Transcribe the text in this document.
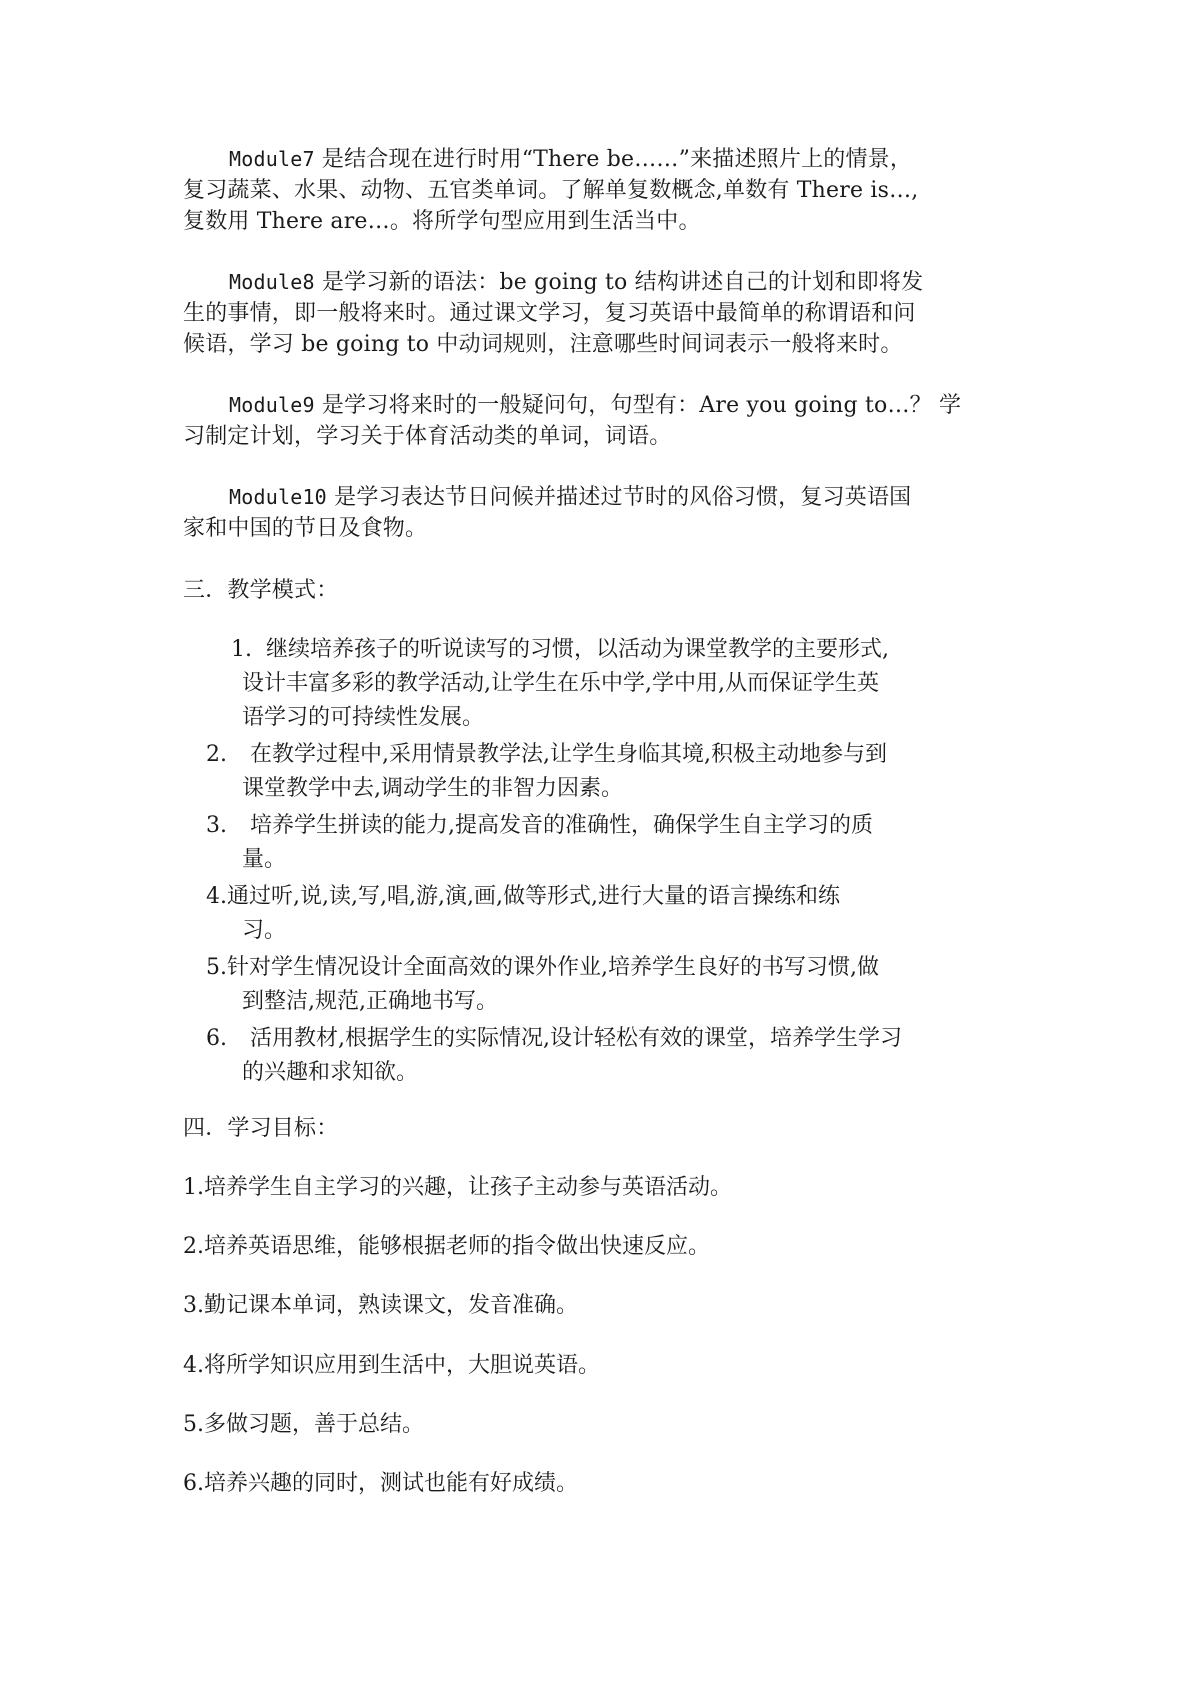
Module7 是结合现在进行时用“There be……”来描述照片上的情景，
复习蔬菜、水果、动物、五官类单词。了解单复数概念,单数有 There is…,
复数用 There are…。将所学句型应用到生活当中。
Module8 是学习新的语法：be going to 结构讲述自己的计划和即将发
生的事情，即一般将来时。通过课文学习，复习英语中最简单的称谓语和问
候语，学习 be going to 中动词规则，注意哪些时间词表示一般将来时。
Module9 是学习将来时的一般疑问句，句型有：Are you going to…？ 学
习制定计划，学习关于体育活动类的单词，词语。
Module10 是学习表达节日问候并描述过节时的风俗习惯，复习英语国
家和中国的节日及食物。
三．教学模式：
1. 继续培养孩子的听说读写的习惯，以活动为课堂教学的主要形式,
设计丰富多彩的教学活动,让学生在乐中学,学中用,从而保证学生英
语学习的可持续性发展。
2. 在教学过程中,采用情景教学法,让学生身临其境,积极主动地参与到
课堂教学中去,调动学生的非智力因素。
3. 培养学生拼读的能力,提高发音的准确性，确保学生自主学习的质
量。
4.通过听,说,读,写,唱,游,演,画,做等形式,进行大量的语言操练和练
习。
5.针对学生情况设计全面高效的课外作业,培养学生良好的书写习惯,做
到整洁,规范,正确地书写。
6. 活用教材,根据学生的实际情况,设计轻松有效的课堂，培养学生学习
的兴趣和求知欲。
四．学习目标：
1.培养学生自主学习的兴趣，让孩子主动参与英语活动。
2.培养英语思维，能够根据老师的指令做出快速反应。
3.勤记课本单词，熟读课文，发音准确。
4.将所学知识应用到生活中，大胆说英语。
5.多做习题，善于总结。
6.培养兴趣的同时，测试也能有好成绩。
